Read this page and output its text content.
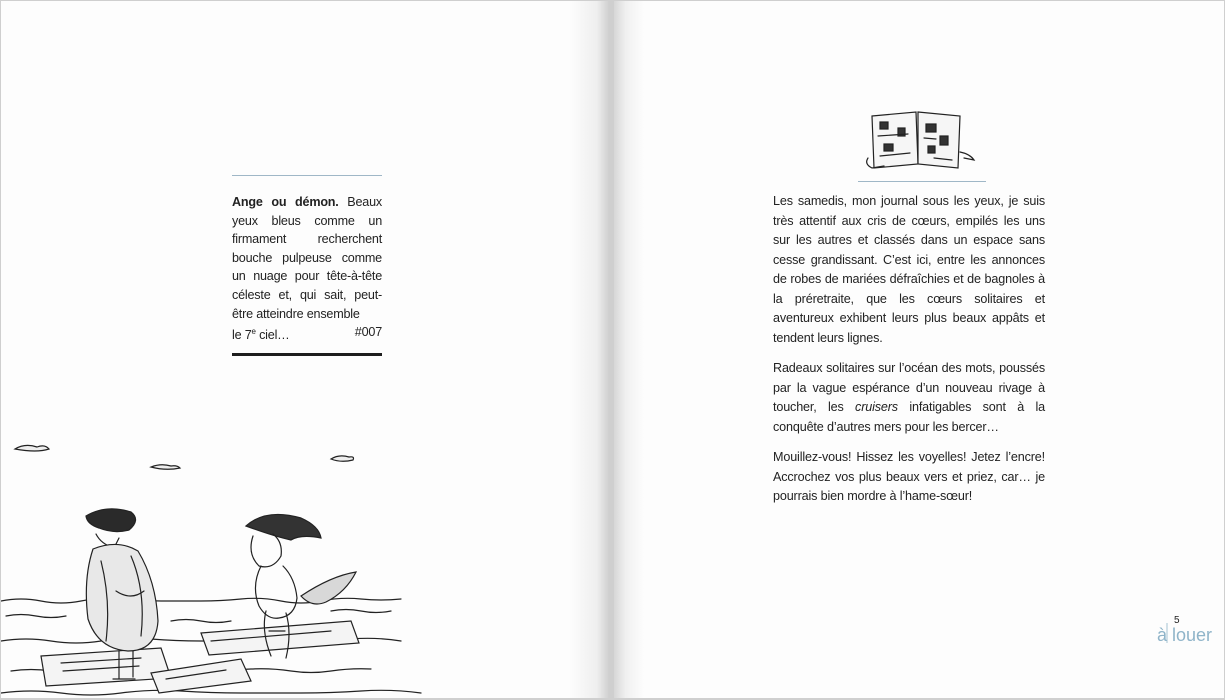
Ange ou démon. Beaux yeux bleus comme un firmament recherchent bouche pulpeuse comme un nuage pour tête-à-tête céleste et, qui sait, peut-être atteindre ensemble
le 7e ciel…	#007

Les samedis, mon journal sous les yeux, je suis très attentif aux cris de cœurs, empilés les uns sur les autres et classés dans un espace sans cesse grandissant. C’est ici, entre les annonces de robes de mariées défraîchies et de bagnoles à la préretraite, que les cœurs solitaires et aventureux exhibent leurs plus beaux appâts et tendent leurs lignes.

Radeaux solitaires sur l’océan des mots, poussés par la vague espérance d’un nouveau rivage à toucher, les cruisers infatigables sont à la conquête d’autres mers pour les bercer…

Mouillez-vous! Hissez les voyelles! Jetez l’encre! Accrochez vos plus beaux vers et priez, car… je pourrais bien mordre à l’hame-sœur!

5
à louer
